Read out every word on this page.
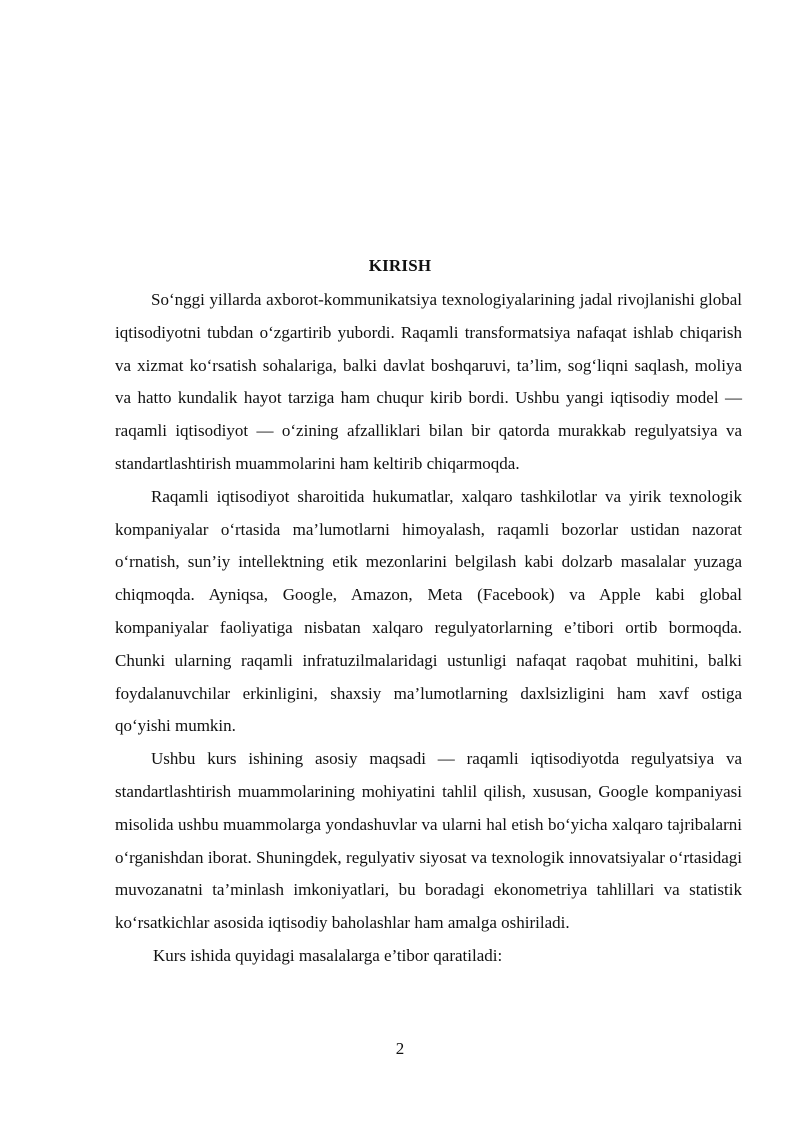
KIRISH

So‘nggi yillarda axborot-kommunikatsiya texnologiyalarining jadal rivojlanishi global iqtisodiyotni tubdan o‘zgartirib yubordi. Raqamli transformatsiya nafaqat ishlab chiqarish va xizmat ko‘rsatish sohalariga, balki davlat boshqaruvi, ta’lim, sog‘liqni saqlash, moliya va hatto kundalik hayot tarziga ham chuqur kirib bordi. Ushbu yangi iqtisodiy model — raqamli iqtisodiyot — o‘zining afzalliklari bilan bir qatorda murakkab regulyatsiya va standartlashtirish muammolarini ham keltirib chiqarmoqda.

Raqamli iqtisodiyot sharoitida hukumatlar, xalqaro tashkilotlar va yirik texnologik kompaniyalar o‘rtasida ma’lumotlarni himoyalash, raqamli bozorlar ustidan nazorat o‘rnatish, sun’iy intellektning etik mezonlarini belgilash kabi dolzarb masalalar yuzaga chiqmoqda. Ayniqsa, Google, Amazon, Meta (Facebook) va Apple kabi global kompaniyalar faoliyatiga nisbatan xalqaro regulyatorlarning e’tibori ortib bormoqda. Chunki ularning raqamli infratuzilmalaridagi ustunligi nafaqat raqobat muhitini, balki foydalanuvchilar erkinligini, shaxsiy ma’lumotlarning daxlsizligini ham xavf ostiga qo‘yishi mumkin.

Ushbu kurs ishining asosiy maqsadi — raqamli iqtisodiyotda regulyatsiya va standartlashtirish muammolarining mohiyatini tahlil qilish, xususan, Google kompaniyasi misolida ushbu muammolarga yondashuvlar va ularni hal etish bo‘yicha xalqaro tajribalarni o‘rganishdan iborat. Shuningdek, regulyativ siyosat va texnologik innovatsiyalar o‘rtasidagi muvozanatni ta’minlash imkoniyatlari, bu boradagi ekonometriya tahlillari va statistik ko‘rsatkichlar asosida iqtisodiy baholashlar ham amalga oshiriladi.

Kurs ishida quyidagi masalalarga e’tibor qaratiladi:

2
